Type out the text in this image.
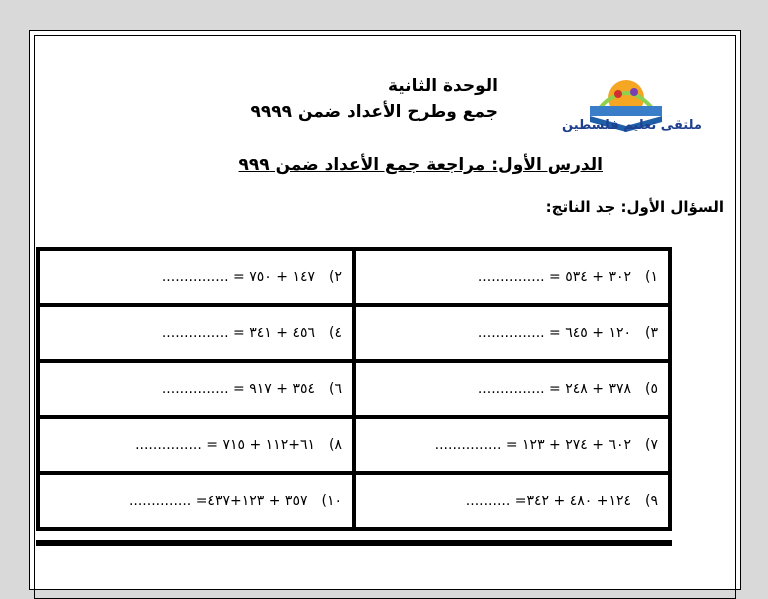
ملتقى تعليم فلسطين
الوحدة الثانية
جمع وطرح الأعداد ضمن ٩٩٩٩
الدرس الأول: مراجعة جمع الأعداد ضمن ٩٩٩
السؤال الأول: جد الناتج:
١)
٣٠٢ + ٥٣٤ = ...............
٢)
١٤٧ + ٧٥٠ = ...............
٣)
١٢٠ + ٦٤٥ = ...............
٤)
٤٥٦ + ٣٤١ = ...............
٥)
٣٧٨ + ٢٤٨ = ...............
٦)
٣٥٤ + ٩١٧ = ...............
٧)
٦٠٢ + ٢٧٤ + ١٢٣ = ...............
٨)
٦١+١١٢ + ٧١٥ = ...............
٩)
١٢٤+ ٤٨٠ + ٣٤٢= ..........
١٠)
٣٥٧ + ١٢٣+٤٣٧= ..............
